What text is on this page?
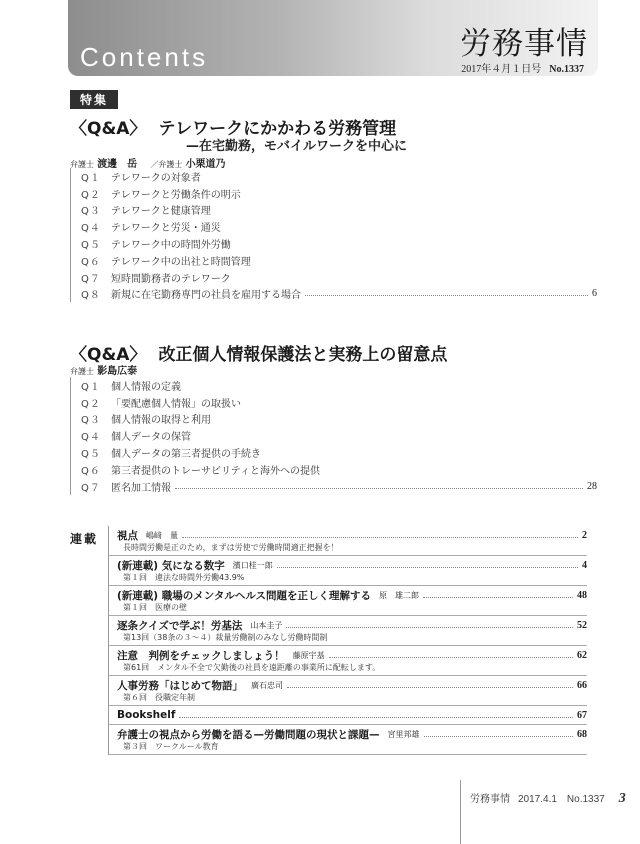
Contents	労務事情
2017年４月１日号 No.1337
特集
〈Q&A〉 テレワークにかかわる労務管理
—在宅勤務，モバイルワークを中心に
弁護士 渡邊　岳 ／弁護士 小栗道乃
Q１	テレワークの対象者
Q２	テレワークと労働条件の明示
Q３	テレワークと健康管理
Q４	テレワークと労災・通災
Q５	テレワーク中の時間外労働
Q６	テレワーク中の出社と時間管理
Q７	短時間勤務者のテレワーク
Q８	新規に在宅勤務専門の社員を雇用する場合	6
〈Q&A〉 改正個人情報保護法と実務上の留意点
弁護士 影島広泰
Q１	個人情報の定義
Q２	「要配慮個人情報」の取扱い
Q３	個人情報の取得と利用
Q４	個人データの保管
Q５	個人データの第三者提供の手続き
Q６	第三者提供のトレーサビリティと海外への提供
Q７	匿名加工情報	28
連載 視点 嶋﨑　量	2
長時間労働是正のため，まずは労使で労働時間適正把握を！
(新連載) 気になる数字 濱口桂一郎	4
第１回　違法な時間外労働43.9%
(新連載) 職場のメンタルヘルス問題を正しく理解する 原　雄二郎	48
第１回　医療の壁
逐条クイズで学ぶ！労基法 山本圭子	52
第13回（38条の３～４）裁量労働制のみなし労働時間制
注意　判例をチェックしましょう！ 藤原宇基	62
第61回　メンタル不全で欠勤後の社員を遠距離の事業所に配転します。
人事労務「はじめて物語」 廣石忠司	66
第６回　役職定年制
Bookshelf	67
弁護士の視点から労働を語る—労働問題の現状と課題— 宮里邦雄	68
第３回　ワークルール教育
労務事情 2017.4.1　No.1337 3
